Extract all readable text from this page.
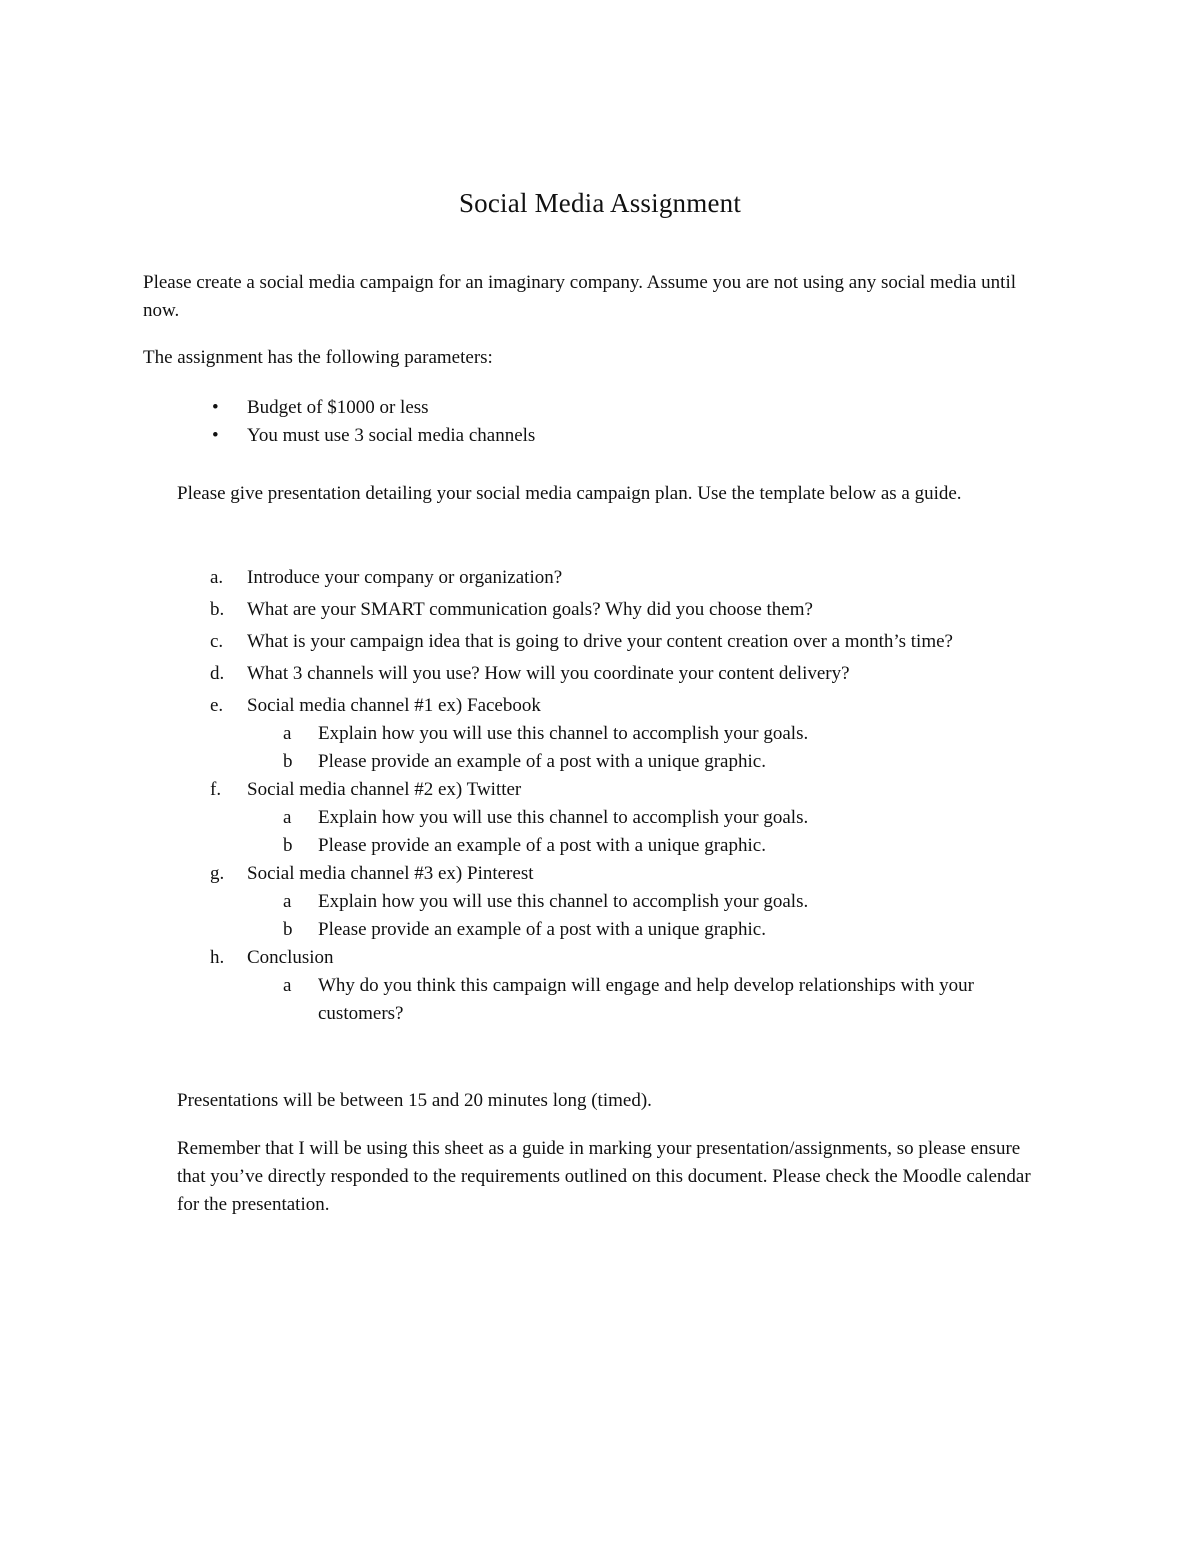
Social Media Assignment

Please create a social media campaign for an imaginary company. Assume you are not using any social media until now.

The assignment has the following parameters:

•	Budget of $1000 or less
•	You must use 3 social media channels

Please give presentation detailing your social media campaign plan. Use the template below as a guide.

a.	Introduce your company or organization?
b.	What are your SMART communication goals? Why did you choose them?
c.	What is your campaign idea that is going to drive your content creation over a month’s time?
d.	What 3 channels will you use? How will you coordinate your content delivery?
e.	Social media channel #1 ex) Facebook
a	Explain how you will use this channel to accomplish your goals.
b	Please provide an example of a post with a unique graphic.
f.	Social media channel #2 ex) Twitter
a	Explain how you will use this channel to accomplish your goals.
b	Please provide an example of a post with a unique graphic.
g.	Social media channel #3 ex) Pinterest
a	Explain how you will use this channel to accomplish your goals.
b	Please provide an example of a post with a unique graphic.
h.	Conclusion
a	Why do you think this campaign will engage and help develop relationships with your customers?

Presentations will be between 15 and 20 minutes long (timed).

Remember that I will be using this sheet as a guide in marking your presentation/assignments, so please ensure that you’ve directly responded to the requirements outlined on this document. Please check the Moodle calendar for the presentation.
